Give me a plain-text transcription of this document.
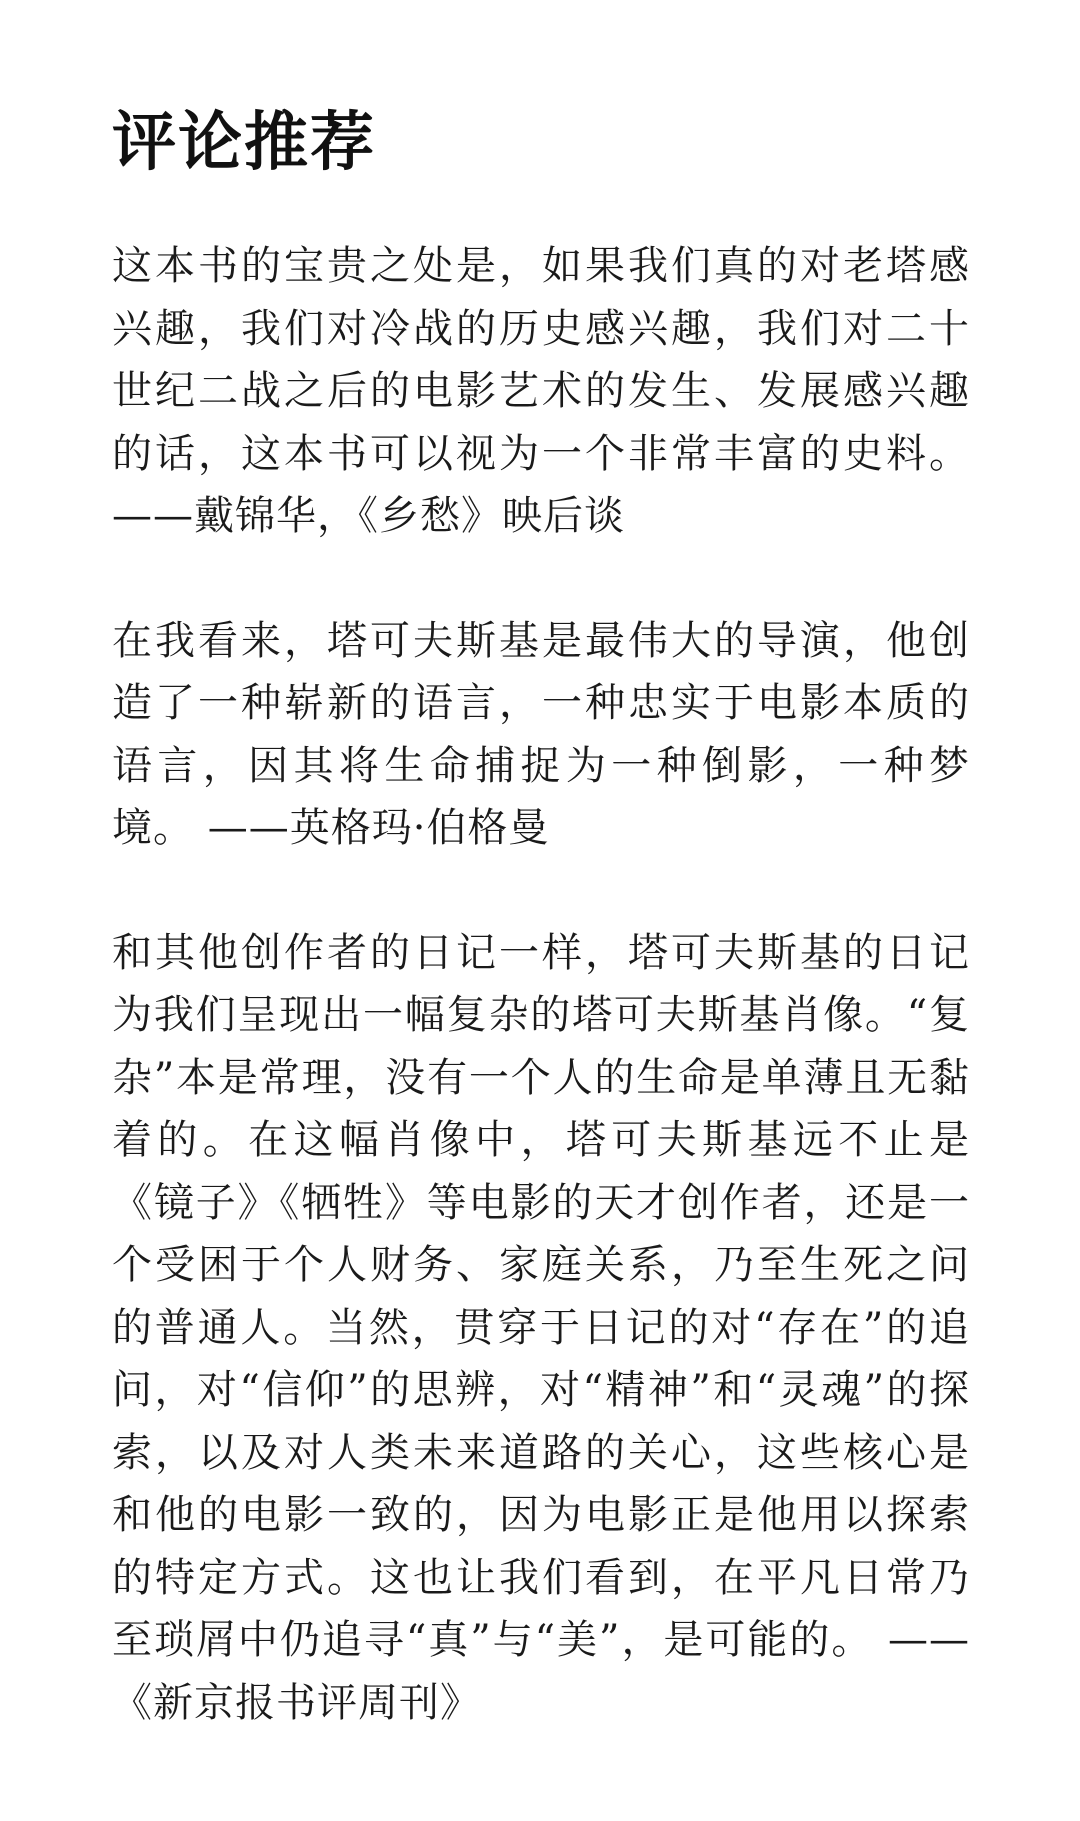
评论推荐

这本书的宝贵之处是，如果我们真的对老塔感兴趣，我们对冷战的历史感兴趣，我们对二十世纪二战之后的电影艺术的发生、发展感兴趣的话，这本书可以视为一个非常丰富的史料。——戴锦华，《乡愁》映后谈

在我看来，塔可夫斯基是最伟大的导演，他创造了一种崭新的语言，一种忠实于电影本质的语言，因其将生命捕捉为一种倒影，一种梦境。 ——英格玛·伯格曼

和其他创作者的日记一样，塔可夫斯基的日记为我们呈现出一幅复杂的塔可夫斯基肖像。“复杂”本是常理，没有一个人的生命是单薄且无黏着的。在这幅肖像中，塔可夫斯基远不止是《镜子》《牺牲》等电影的天才创作者，还是一个受困于个人财务、家庭关系，乃至生死之问的普通人。当然，贯穿于日记的对“存在”的追问，对“信仰”的思辨，对“精神”和“灵魂”的探索，以及对人类未来道路的关心，这些核心是和他的电影一致的，因为电影正是他用以探索的特定方式。这也让我们看到，在平凡日常乃至琐屑中仍追寻“真”与“美”，是可能的。 ——《新京报书评周刊》
